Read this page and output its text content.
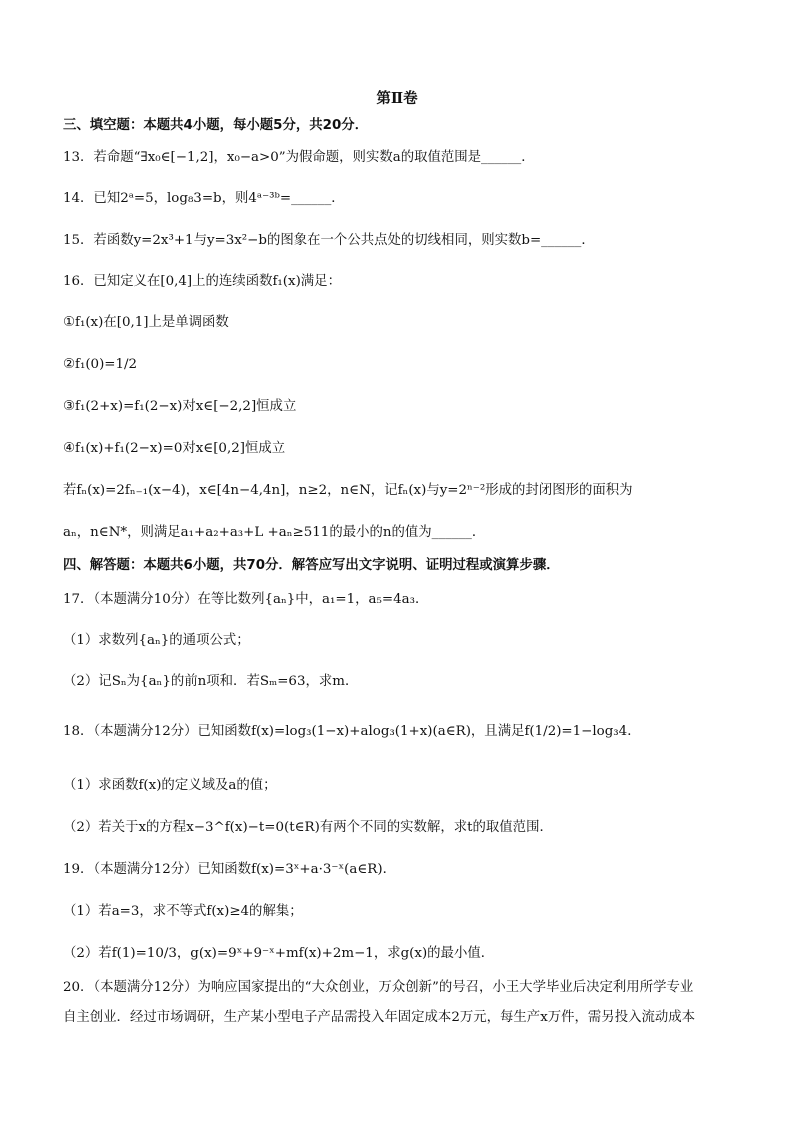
第Ⅱ卷
三、填空题：本题共4小题，每小题5分，共20分．
13．若命题“∃x₀∈[−1,2]，x₀−a>0”为假命题，则实数a的取值范围是______．
14．已知2ᵃ=5，log₈3=b，则4ᵃ⁻³ᵇ=______．
15．若函数y=2x³+1与y=3x²−b的图象在一个公共点处的切线相同，则实数b=______．
16．已知定义在[0,4]上的连续函数f₁(x)满足：
①f₁(x)在[0,1]上是单调函数
②f₁(0)=1/2
③f₁(2+x)=f₁(2−x)对x∈[−2,2]恒成立
④f₁(x)+f₁(2−x)=0对x∈[0,2]恒成立
若fₙ(x)=2fₙ₋₁(x−4)，x∈[4n−4,4n]，n≥2，n∈N，记fₙ(x)与y=2ⁿ⁻²形成的封闭图形的面积为
aₙ，n∈N*，则满足a₁+a₂+a₃+L +aₙ≥511的最小的n的值为______．
四、解答题：本题共6小题，共70分．解答应写出文字说明、证明过程或演算步骤．
17．（本题满分10分）在等比数列{aₙ}中，a₁=1，a₅=4a₃．
（1）求数列{aₙ}的通项公式；
（2）记Sₙ为{aₙ}的前n项和．若Sₘ=63，求m．
18．（本题满分12分）已知函数f(x)=log₃(1−x)+alog₃(1+x)(a∈R)，且满足f(1/2)=1−log₃4．
（1）求函数f(x)的定义域及a的值；
（2）若关于x的方程x−3^f(x)−t=0(t∈R)有两个不同的实数解，求t的取值范围．
19．（本题满分12分）已知函数f(x)=3ˣ+a·3⁻ˣ(a∈R)．
（1）若a=3，求不等式f(x)≥4的解集；
（2）若f(1)=10/3，g(x)=9ˣ+9⁻ˣ+mf(x)+2m−1，求g(x)的最小值．
20．（本题满分12分）为响应国家提出的“大众创业，万众创新”的号召，小王大学毕业后决定利用所学专业
自主创业．经过市场调研，生产某小型电子产品需投入年固定成本2万元，每生产x万件，需另投入流动成本
